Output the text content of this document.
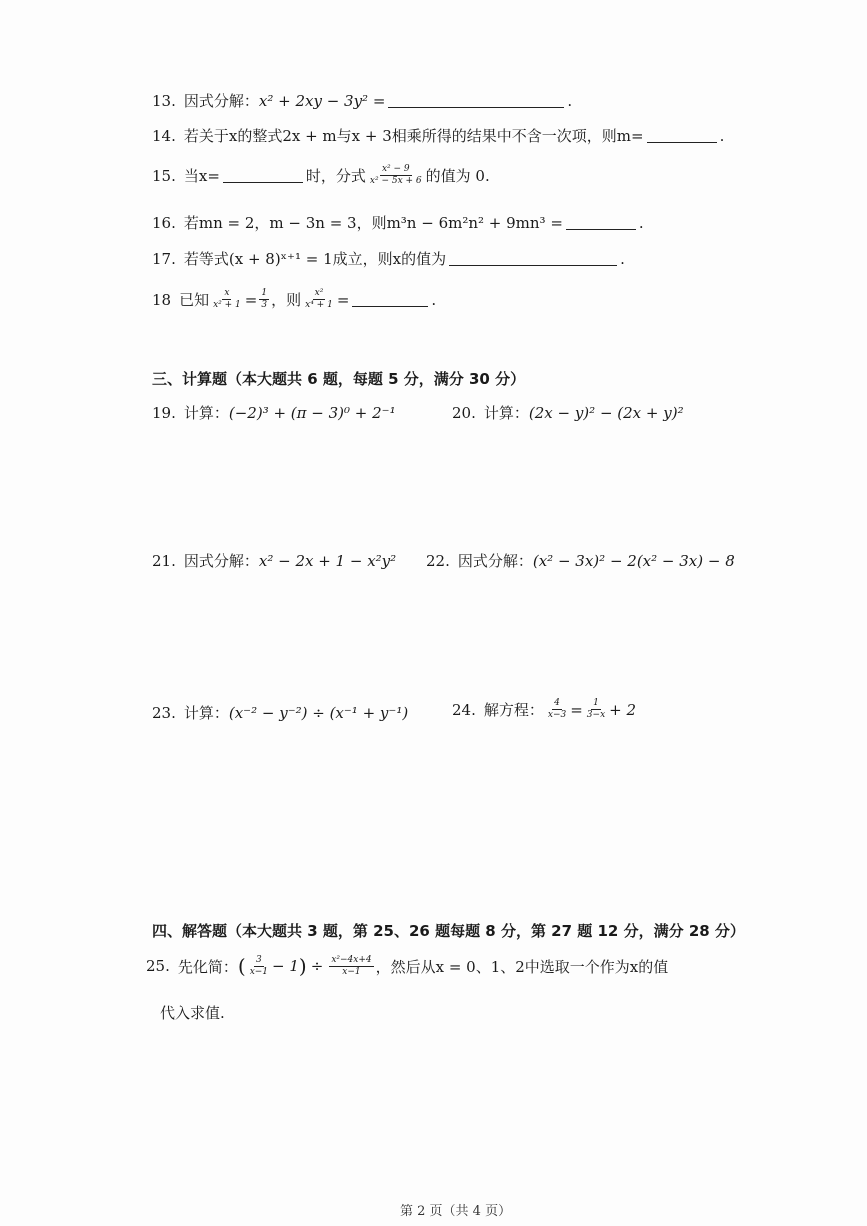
13. 因式分解： x² + 2xy − 3y² =	.
14. 若关于x的整式2x + m与x + 3相乘所得的结果中不含一次项，则m=	.
15. 当x=	时，分式 $\frac{\text{x² − 9}}{\text{x² − 5x + 6}}$ 的值为 0.
16. 若mn = 2，m − 3n = 3，则m³n − 6m²n² + 9mn³ =	.
17. 若等式(x + 8)ˣ⁺¹ = 1成立，则x的值为	.
18 已知 $\frac{x}{\text{x² + 1}} = \frac{1}{3}$ ，则 $\frac{\text{x²}}{\text{x⁴ + 1}}$ =	.
三、计算题（本大题共 6 题，每题 5 分，满分 30 分）
19. 计算： (−2)³ + (π − 3)⁰ + 2⁻¹	20. 计算： (2x − y)² − (2x + y)²
21. 因式分解： x² − 2x + 1 − x²y² 22. 因式分解： (x² − 3x)² − 2(x² − 3x) − 8
23. 计算： (x⁻² − y⁻²) ÷ (x⁻¹ + y⁻¹)	24. 解方程： $\frac{4}{x-3} = \frac{1}{3-x} + 2$
四、解答题（本大题共 3 题，第 25、26 题每题 8 分，第 27 题 12 分，满分 28 分）
25. 先化简： ( $\frac{3}{x-1} - 1$ ) ÷ $\frac{\text{x²−4x+4}}{x-1}$ ，然后从x = 0、1、2中选取一个作为x的值
代入求值.
第 2 页（共 4 页）
